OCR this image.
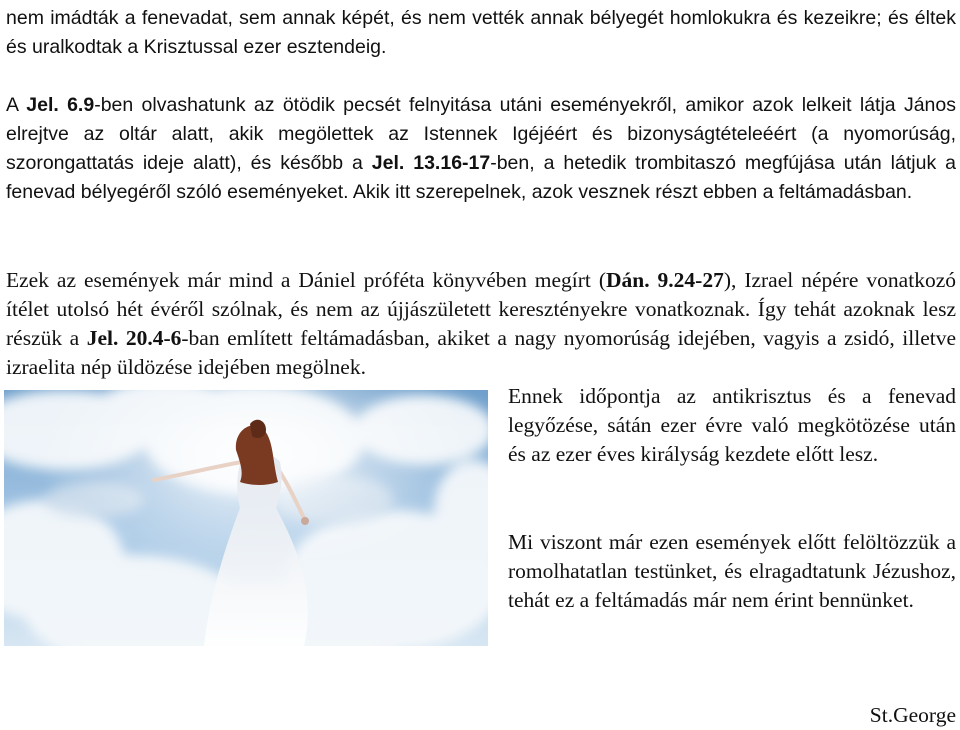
nem imádták a fenevadat, sem annak képét, és nem vették annak bélyegét homlokukra és kezeikre; és éltek és uralkodtak a Krisztussal ezer esztendeig.
A Jel. 6.9-ben olvashatunk az ötödik pecsét felnyitása utáni eseményekről, amikor azok lelkeit látja János elrejtve az oltár alatt, akik megölettek az Istennek Igéjéért és bizonyságtételeéért (a nyomorúság, szorongattatás ideje alatt), és később a Jel. 13.16-17-ben, a hetedik trombitaszó megfújása után látjuk a fenevad bélyegéről szóló eseményeket. Akik itt szerepelnek, azok vesznek részt ebben a feltámadásban.
Ezek az események már mind a Dániel próféta könyvében megírt (Dán. 9.24-27), Izrael népére vonatkozó ítélet utolsó hét évéről szólnak, és nem az újjászületett keresztényekre vonatkoznak. Így tehát azoknak lesz részük a Jel. 20.4-6-ban említett feltámadásban, akiket a nagy nyomorúság idejében, vagyis a zsidó, illetve izraelita nép üldözése idejében megölnek.
Ennek időpontja az antikrisztus és a fenevad legyőzése, sátán ezer évre való megkötözése után és az ezer éves királyság kezdete előtt lesz.
Mi viszont már ezen események előtt felöltözzük a romolhatatlan testünket, és elragadtatunk Jézushoz, tehát ez a feltámadás már nem érint bennünket.
St.George
